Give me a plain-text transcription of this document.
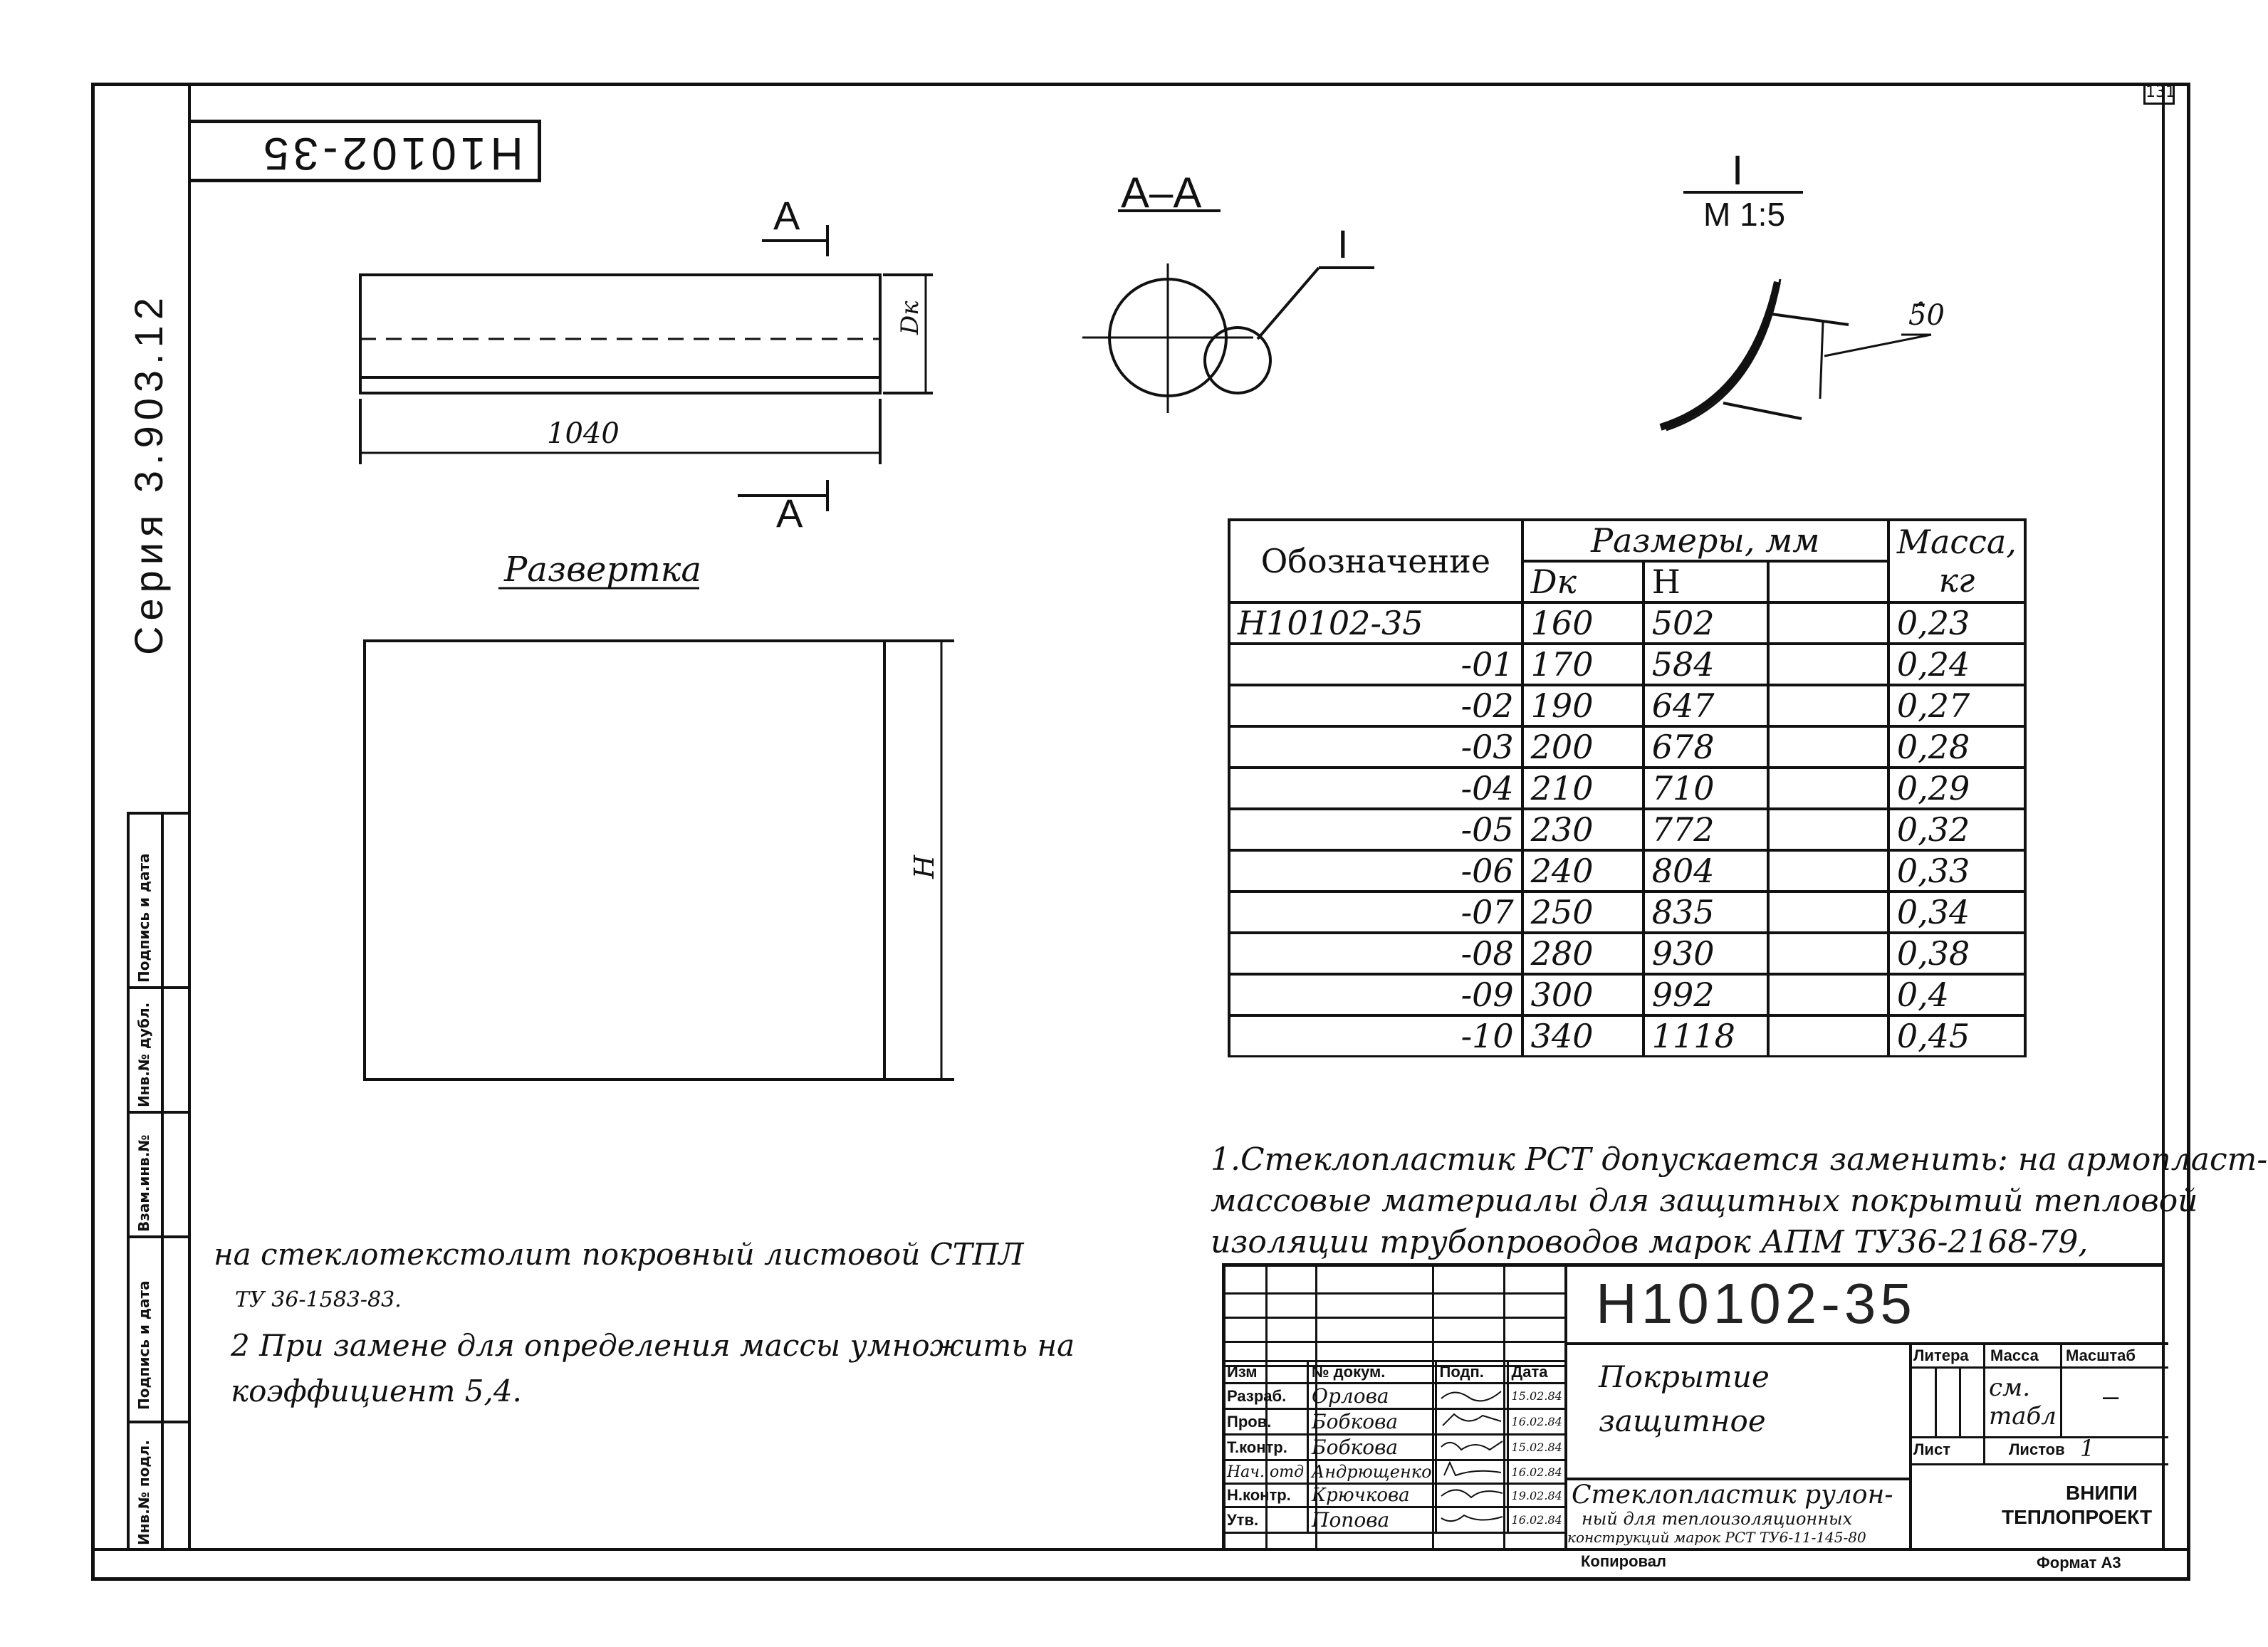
131
Н10102-35
Серия 3.903.12
Инв.№ подл.
Подпись и дата
Взам.инв.№
Инв.№ дубл.
Подпись и дата
А
А
1040
Dк
А–А
I
I
М 1:5
5̂0
Развертка
Н
Обозначение	Размеры, мм			Масса, кг
	Dк	Н		
Н10102-35	160	502		0,23
-01	170	584		0,24
-02	190	647		0,27
-03	200	678		0,28
-04	210	710		0,29
-05	230	772		0,32
-06	240	804		0,33
-07	250	835		0,34
-08	280	930		0,38
-09	300	992		0,4
-10	340	1118		0,45
1.Стеклопластик РСТ допускается заменить: на армопласт-
массовые материалы для защитных покрытий тепловой
изоляции трубопроводов марок АПМ ТУ36-2168-79,
на стеклотекстолит покровный листовой СТПЛ
ТУ 36-1583-83.
2 При замене для определения массы умножить на
коэффициент 5,4.
Н10102-35
Покрытие
защитное
Стеклопластик рулон-
ный для теплоизоляционных
конструкций марок РСТ ТУ6-11-145-80
Литера Масса Масштаб
см. табл
–
Лист	Листов 1
ВНИПИ
ТЕПЛОПРОЕКТ
Изм	№ докум.	Подп.	Дата
Разраб.	Орлова		15.02.84
Пров.	Бобкова		16.02.84
Т.контр.	Бобкова		15.02.84
Нач. отд	Андрющенко		16.02.84
Н.контр.	Крючкова		19.02.84
Утв.	Попова		16.02.84
Копировал	Формат А3
